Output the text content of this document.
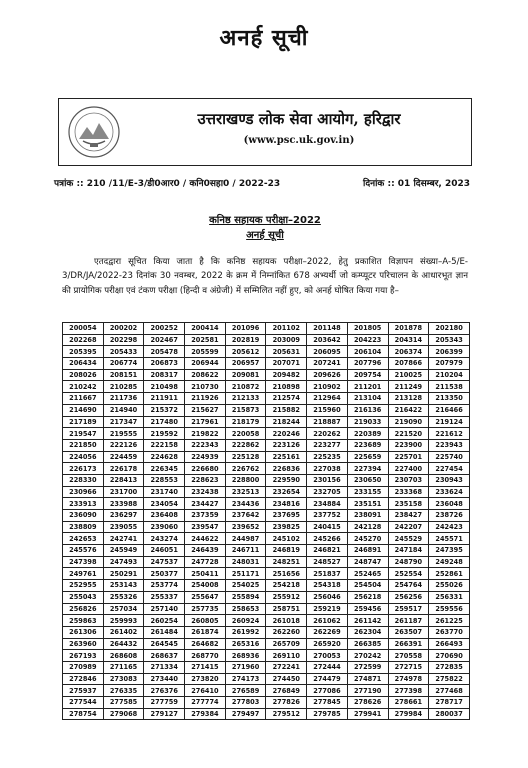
अनर्ह सूची
उत्तराखण्ड लोक सेवा आयोग, हरिद्वार
(www.psc.uk.gov.in)
पत्रांक :: 210 /11/E-3/डी0आर0 / कनि0सहा0 / 2022-23	दिनांक :: 01 दिसम्बर, 2023
कनिष्ठ सहायक परीक्षा–2022
अनर्ह सूची
एतदद्वारा सूचित किया जाता है कि कनिष्ठ सहायक परीक्षा–2022, हेतु प्रकाशित विज्ञापन संख्या–A-5/E-3/DR/JA/2022-23 दिनांक 30 नवम्बर, 2022 के क्रम में निम्नांकित 678 अभ्यर्थी जो कम्प्यूटर परिचालन के आधारभूत ज्ञान की प्रायोगिक परीक्षा एवं टंकण परीक्षा (हिन्दी व अंग्रेजी) में सम्मिलित नहीं हुए, को अनर्ह घोषित किया गया है–
200054	200202	200252	200414	201096	201102	201148	201805	201878	202180
202268	202298	202467	202581	202819	203009	203642	204223	204314	205343
205395	205433	205478	205599	205612	205631	206095	206104	206374	206399
206434	206774	206873	206944	206957	207071	207241	207796	207866	207979
208026	208151	208317	208622	209081	209482	209626	209754	210025	210204
210242	210285	210498	210730	210872	210898	210902	211201	211249	211538
211667	211736	211911	211926	212133	212574	212964	213104	213128	213350
214690	214940	215372	215627	215873	215882	215960	216136	216422	216466
217189	217347	217480	217961	218179	218244	218887	219033	219090	219124
219547	219555	219592	219822	220058	220246	220262	220389	221520	221612
221850	222126	222158	222343	222862	223126	223277	223689	223900	223943
224056	224459	224628	224939	225128	225161	225235	225659	225701	225740
226173	226178	226345	226680	226762	226836	227038	227394	227400	227454
228330	228413	228553	228623	228800	229590	230156	230650	230703	230943
230966	231700	231740	232438	232513	232654	232705	233155	233368	233624
233913	233988	234054	234427	234436	234816	234884	235151	235158	236048
236090	236297	236408	237359	237642	237695	237752	238091	238427	238726
238809	239055	239060	239547	239652	239825	240415	242128	242207	242423
242653	242741	243274	244622	244987	245102	245266	245270	245529	245571
245576	245949	246051	246439	246711	246819	246821	246891	247184	247395
247398	247493	247537	247728	248031	248251	248527	248747	248790	249248
249761	250291	250377	250411	251171	251656	251837	252465	252554	252861
252955	253143	253774	254008	254025	254218	254318	254504	254764	255026
255043	255326	255337	255647	255894	255912	256046	256218	256256	256331
256826	257034	257140	257735	258653	258751	259219	259456	259517	259556
259863	259993	260254	260805	260924	261018	261062	261142	261187	261225
261306	261402	261484	261874	261992	262260	262269	262304	263507	263770
263960	264432	264545	264682	265316	265709	265920	266385	266391	266493
267193	268608	268637	268770	268936	269110	270053	270242	270558	270690
270989	271165	271334	271415	271960	272241	272444	272599	272715	272835
272846	273083	273440	273820	274173	274450	274479	274871	274978	275822
275937	276335	276376	276410	276589	276849	277086	277190	277398	277468
277544	277585	277759	277774	277803	277826	277845	278626	278661	278717
278754	279068	279127	279384	279497	279512	279785	279941	279984	280037
